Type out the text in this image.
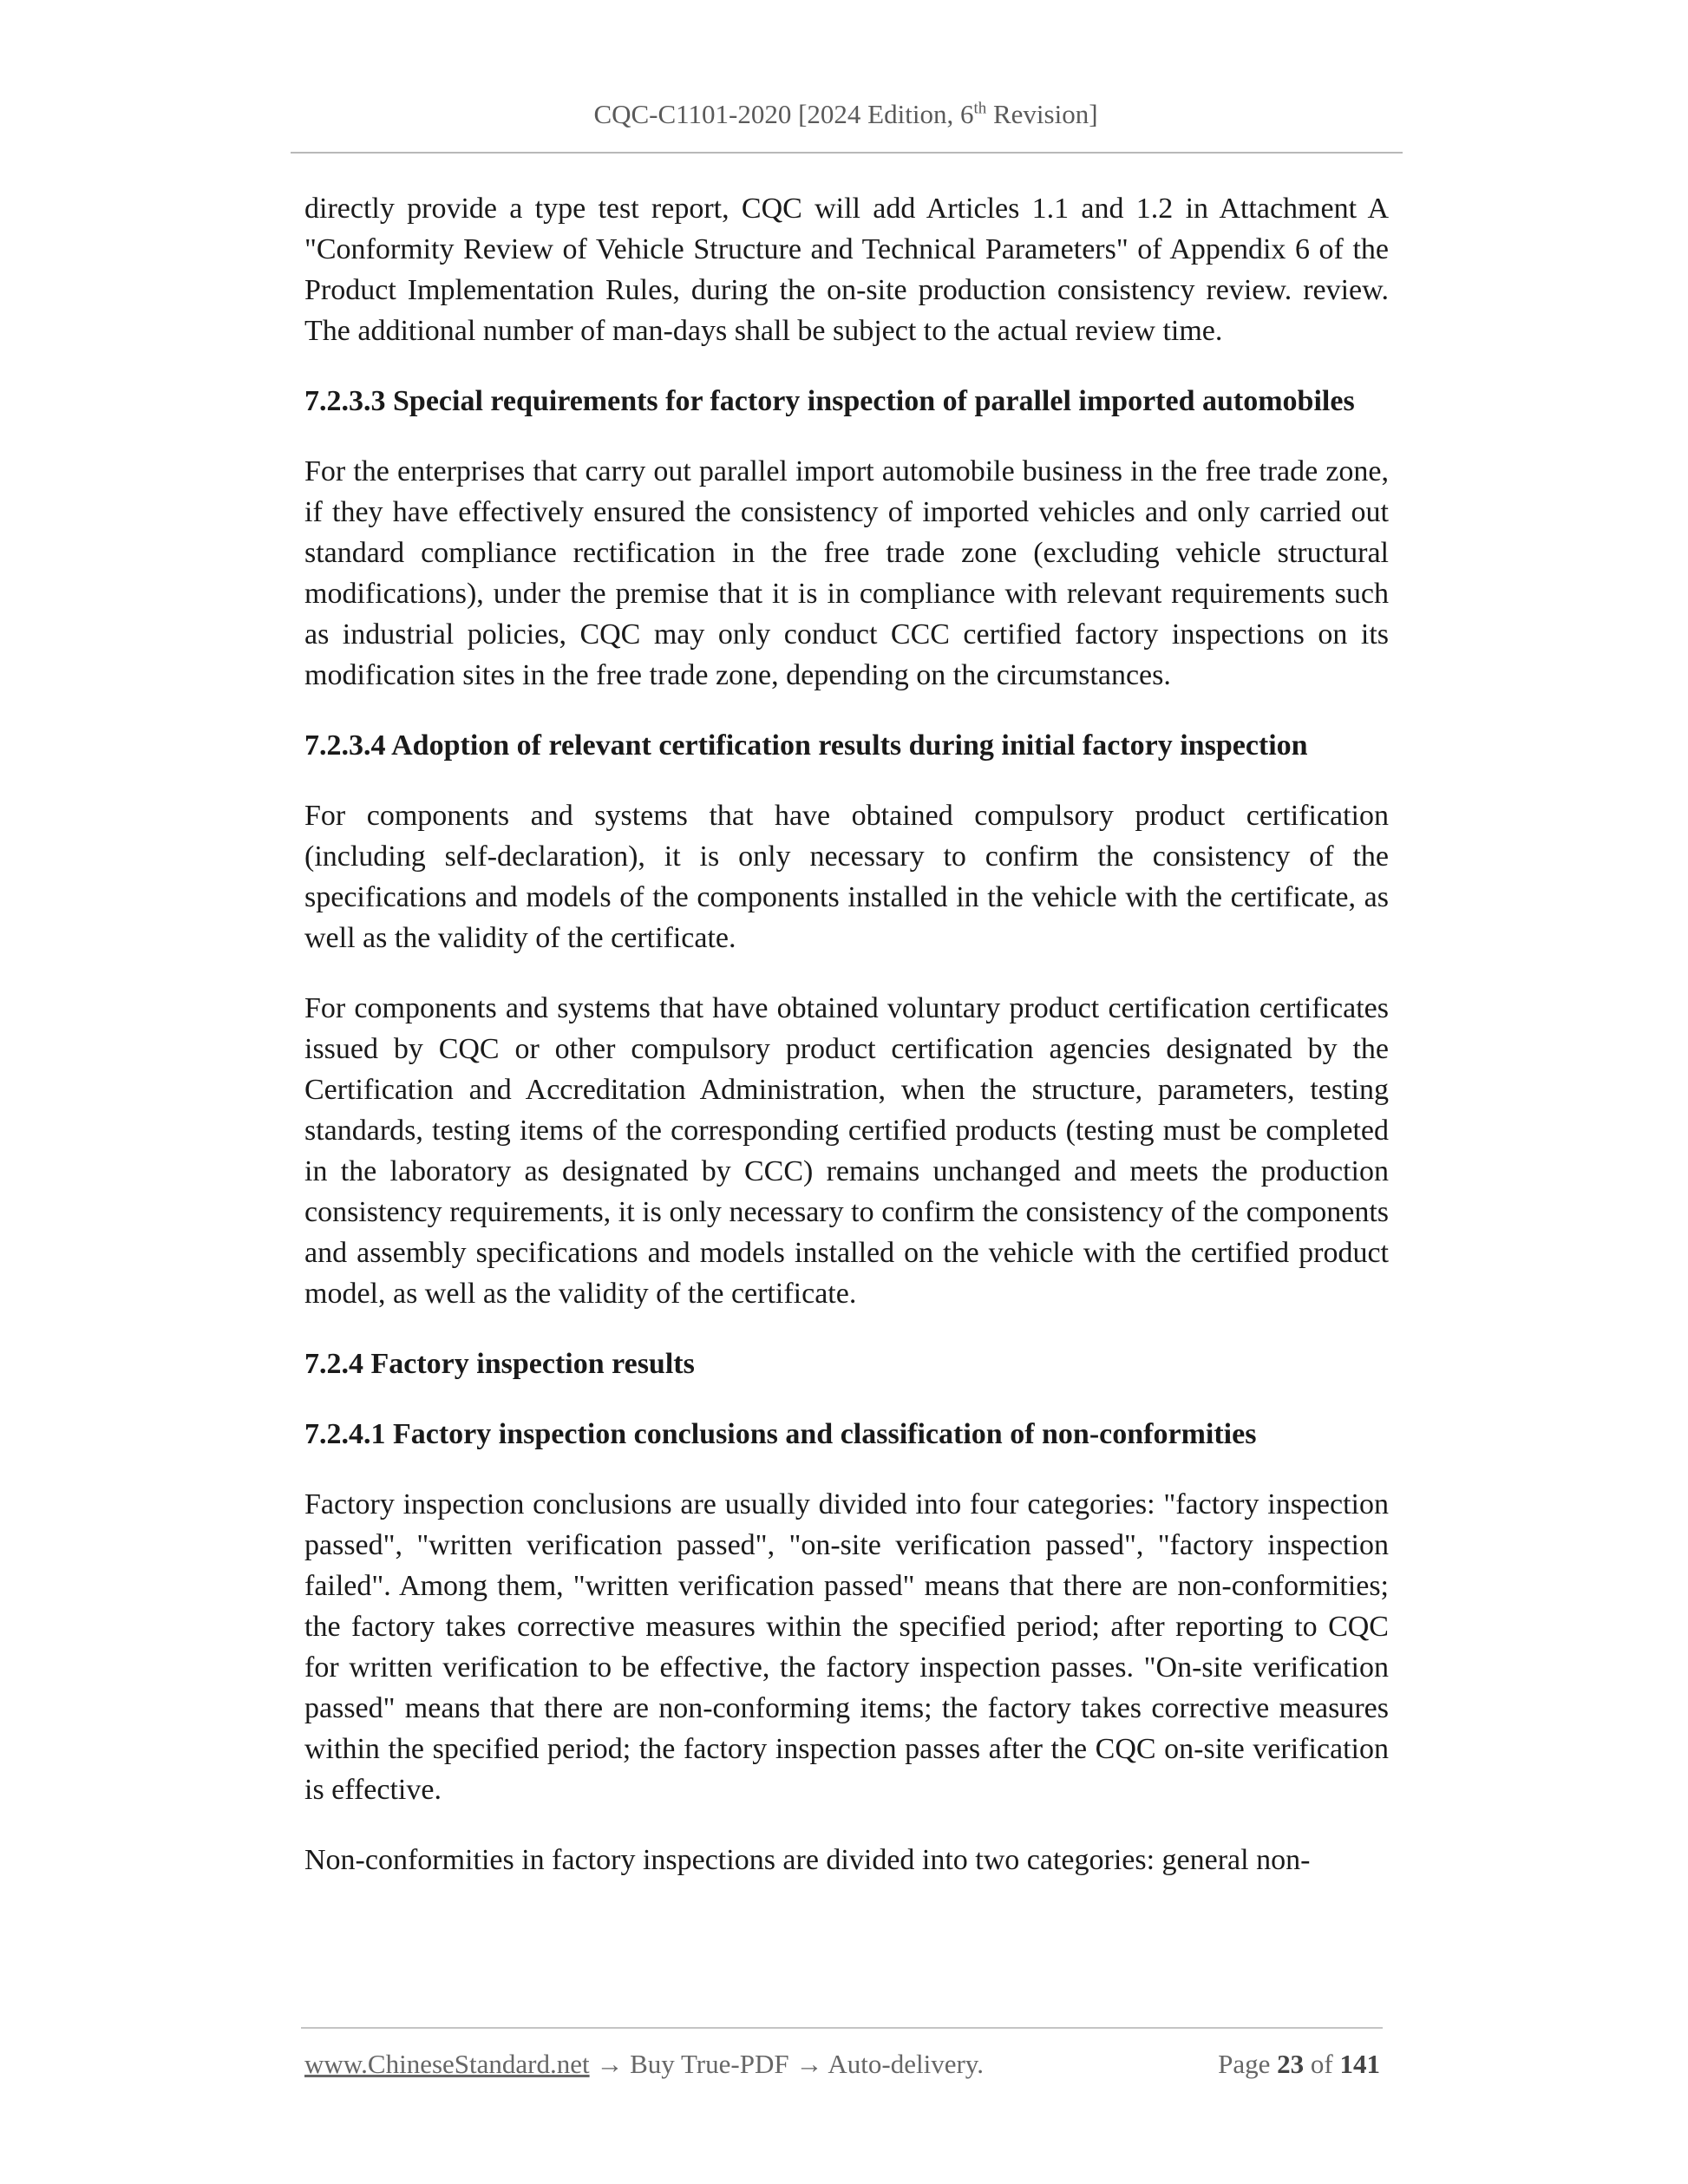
CQC-C1101-2020 [2024 Edition, 6th Revision]

directly provide a type test report, CQC will add Articles 1.1 and 1.2 in Attachment A "Conformity Review of Vehicle Structure and Technical Parameters" of Appendix 6 of the Product Implementation Rules, during the on-site production consistency review. review. The additional number of man-days shall be subject to the actual review time.

7.2.3.3 Special requirements for factory inspection of parallel imported automobiles

For the enterprises that carry out parallel import automobile business in the free trade zone, if they have effectively ensured the consistency of imported vehicles and only carried out standard compliance rectification in the free trade zone (excluding vehicle structural modifications), under the premise that it is in compliance with relevant requirements such as industrial policies, CQC may only conduct CCC certified factory inspections on its modification sites in the free trade zone, depending on the circumstances.

7.2.3.4 Adoption of relevant certification results during initial factory inspection

For components and systems that have obtained compulsory product certification (including self-declaration), it is only necessary to confirm the consistency of the specifications and models of the components installed in the vehicle with the certificate, as well as the validity of the certificate.

For components and systems that have obtained voluntary product certification certificates issued by CQC or other compulsory product certification agencies designated by the Certification and Accreditation Administration, when the structure, parameters, testing standards, testing items of the corresponding certified products (testing must be completed in the laboratory as designated by CCC) remains unchanged and meets the production consistency requirements, it is only necessary to confirm the consistency of the components and assembly specifications and models installed on the vehicle with the certified product model, as well as the validity of the certificate.

7.2.4 Factory inspection results

7.2.4.1 Factory inspection conclusions and classification of non-conformities

Factory inspection conclusions are usually divided into four categories: "factory inspection passed", "written verification passed", "on-site verification passed", "factory inspection failed". Among them, "written verification passed" means that there are non-conformities; the factory takes corrective measures within the specified period; after reporting to CQC for written verification to be effective, the factory inspection passes. "On-site verification passed" means that there are non-conforming items; the factory takes corrective measures within the specified period; the factory inspection passes after the CQC on-site verification is effective.

Non-conformities in factory inspections are divided into two categories: general non-

www.ChineseStandard.net → Buy True-PDF → Auto-delivery.	Page 23 of 141
